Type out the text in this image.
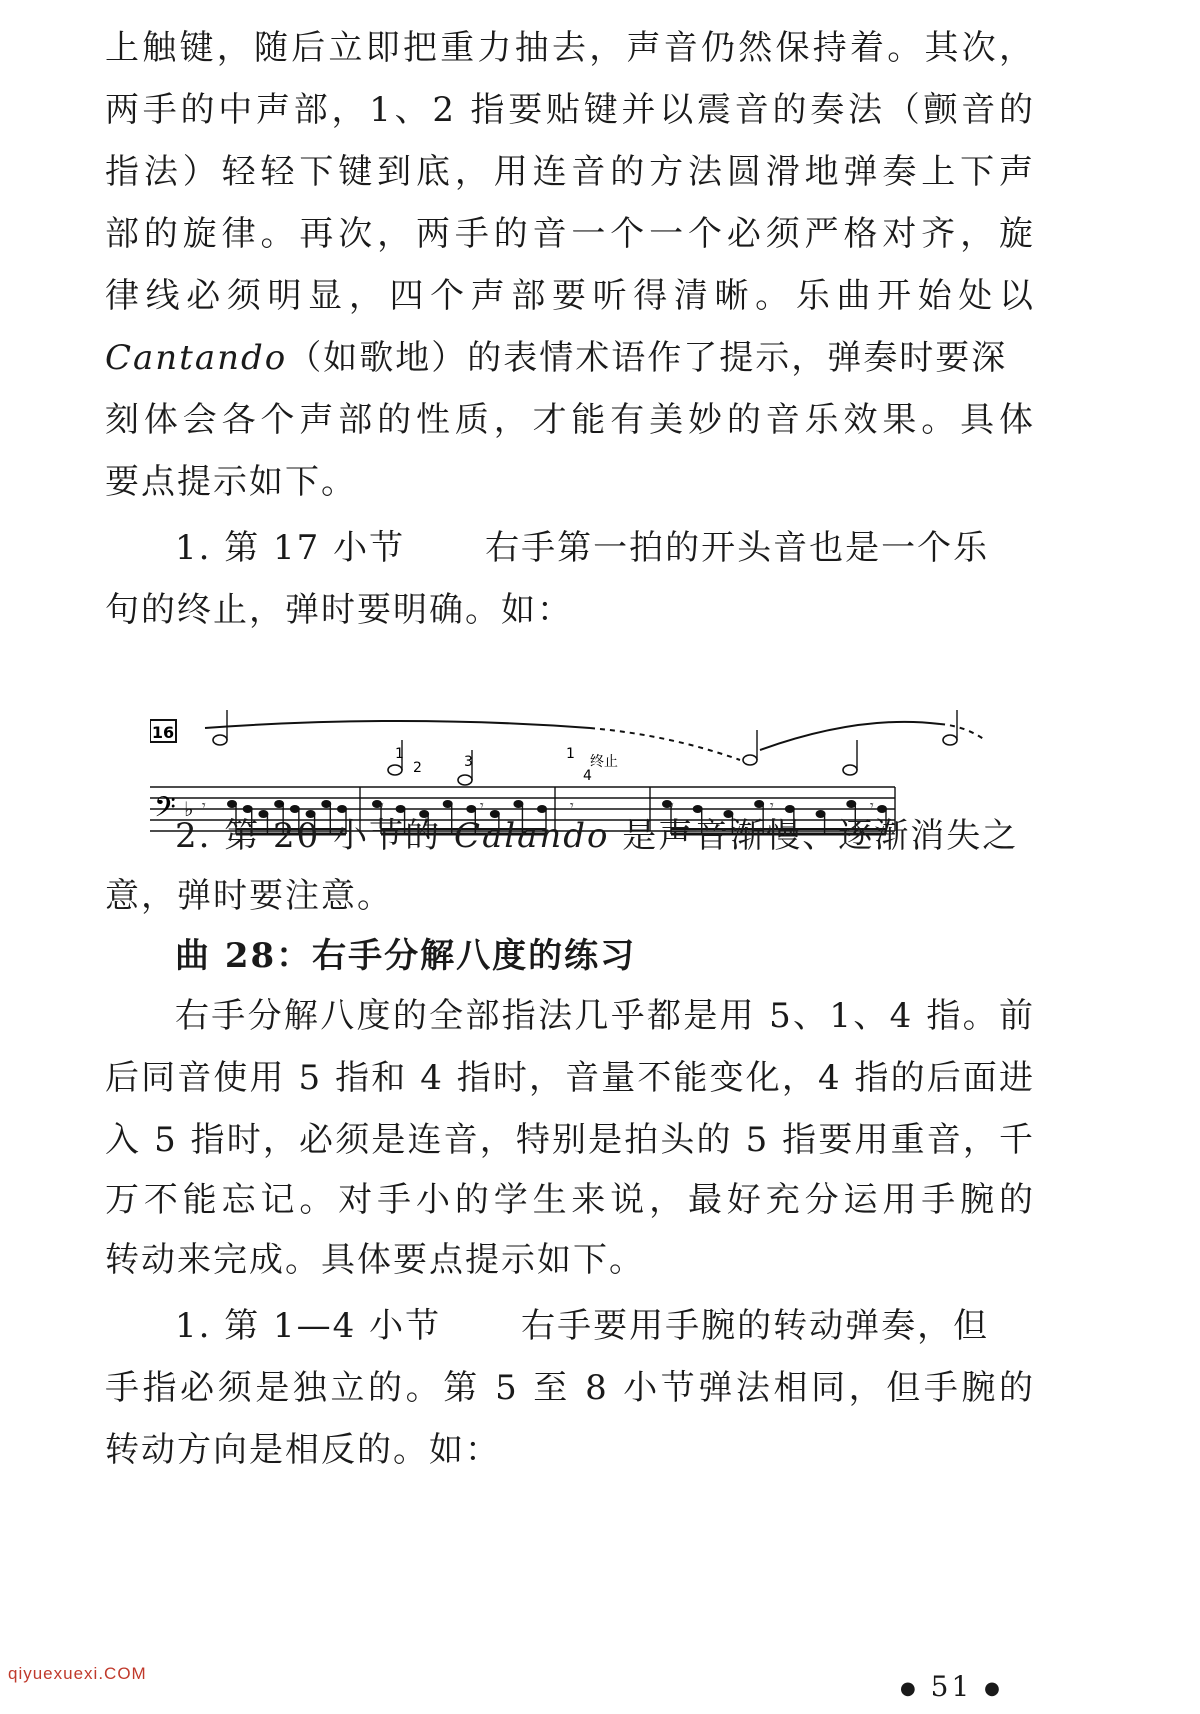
上触键，随后立即把重力抽去，声音仍然保持着。其次，
两手的中声部，1、2 指要贴键并以震音的奏法（颤音的
指法）轻轻下键到底，用连音的方法圆滑地弹奏上下声
部的旋律。再次，两手的音一个一个必须严格对齐，旋
律线必须明显，四个声部要听得清晰。乐曲开始处以
Cantando（如歌地）的表情术语作了提示，弹奏时要深
刻体会各个声部的性质，才能有美妙的音乐效果。具体
要点提示如下。
1. 第 17 小节 右手第一拍的开头音也是一个乐
句的终止，弹时要明确。如：
16
𝄢 ♭ 𝄾	𝄾	𝄾	𝄾	𝄾	𝄾	𝄾	𝄾
1
2	3	1
4
终止
2. 第 20 小节的 Calando 是声音渐慢、逐渐消失之
意，弹时要注意。
曲 28：右手分解八度的练习
右手分解八度的全部指法几乎都是用 5、1、4 指。前
后同音使用 5 指和 4 指时，音量不能变化，4 指的后面进
入 5 指时，必须是连音，特别是拍头的 5 指要用重音，千
万不能忘记。对手小的学生来说，最好充分运用手腕的
转动来完成。具体要点提示如下。
1. 第 1—4 小节 右手要用手腕的转动弹奏，但
手指必须是独立的。第 5 至 8 小节弹法相同，但手腕的
转动方向是相反的。如：
qiyuexuexi.COM
● 51 ●
